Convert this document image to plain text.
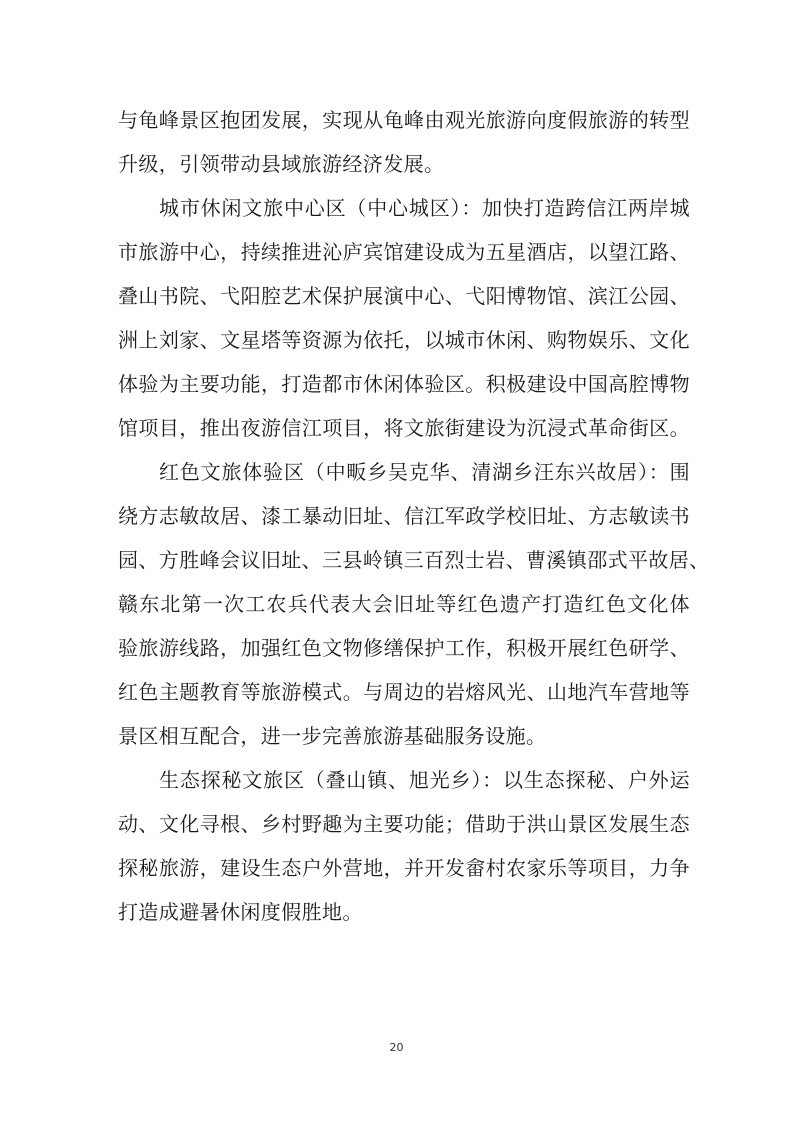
与龟峰景区抱团发展，实现从龟峰由观光旅游向度假旅游的转型
升级，引领带动县域旅游经济发展。
城市休闲文旅中心区（中心城区）：加快打造跨信江两岸城
市旅游中心，持续推进沁庐宾馆建设成为五星酒店，以望江路、
叠山书院、弋阳腔艺术保护展演中心、弋阳博物馆、滨江公园、
洲上刘家、文星塔等资源为依托，以城市休闲、购物娱乐、文化
体验为主要功能，打造都市休闲体验区。积极建设中国高腔博物
馆项目，推出夜游信江项目，将文旅街建设为沉浸式革命街区。
红色文旅体验区（中畈乡吴克华、清湖乡汪东兴故居）：围
绕方志敏故居、漆工暴动旧址、信江军政学校旧址、方志敏读书
园、方胜峰会议旧址、三县岭镇三百烈士岩、曹溪镇邵式平故居、
赣东北第一次工农兵代表大会旧址等红色遗产打造红色文化体
验旅游线路，加强红色文物修缮保护工作，积极开展红色研学、
红色主题教育等旅游模式。与周边的岩熔风光、山地汽车营地等
景区相互配合，进一步完善旅游基础服务设施。
生态探秘文旅区（叠山镇、旭光乡）：以生态探秘、户外运
动、文化寻根、乡村野趣为主要功能；借助于洪山景区发展生态
探秘旅游，建设生态户外营地，并开发畲村农家乐等项目，力争
打造成避暑休闲度假胜地。
20
